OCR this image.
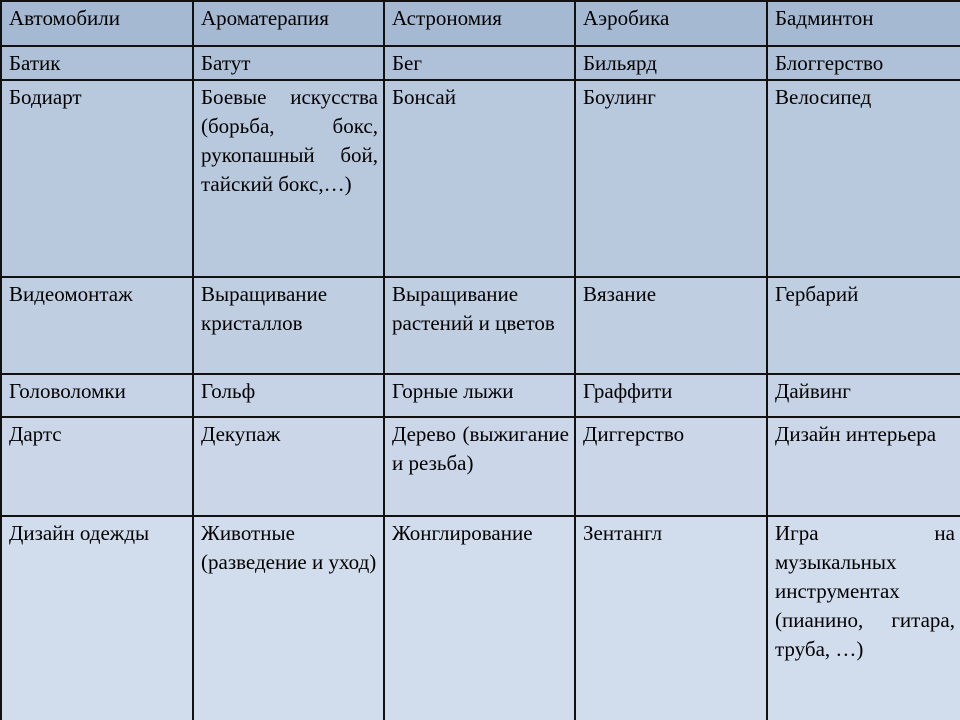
Автомобили	Ароматерапия	Астрономия	Аэробика	Бадминтон
Батик	Батут	Бег	Бильярд	Блоггерство
Бодиарт	Боевые искусства (борьба, бокс, рукопашный бой, тайский бокс,…)	Бонсай	Боулинг	Велосипед
Видеомонтаж	Выращивание кристаллов	Выращивание растений и цветов	Вязание	Гербарий
Головоломки	Гольф	Горные лыжи	Граффити	Дайвинг
Дартс	Декупаж	Дерево (выжигание и резьба)	Диггерство	Дизайн интерьера
Дизайн одежды	Животные (разведение и уход)	Жонглирование	Зентангл	Игра на музыкальных инструментах (пианино, гитара, труба, …)
